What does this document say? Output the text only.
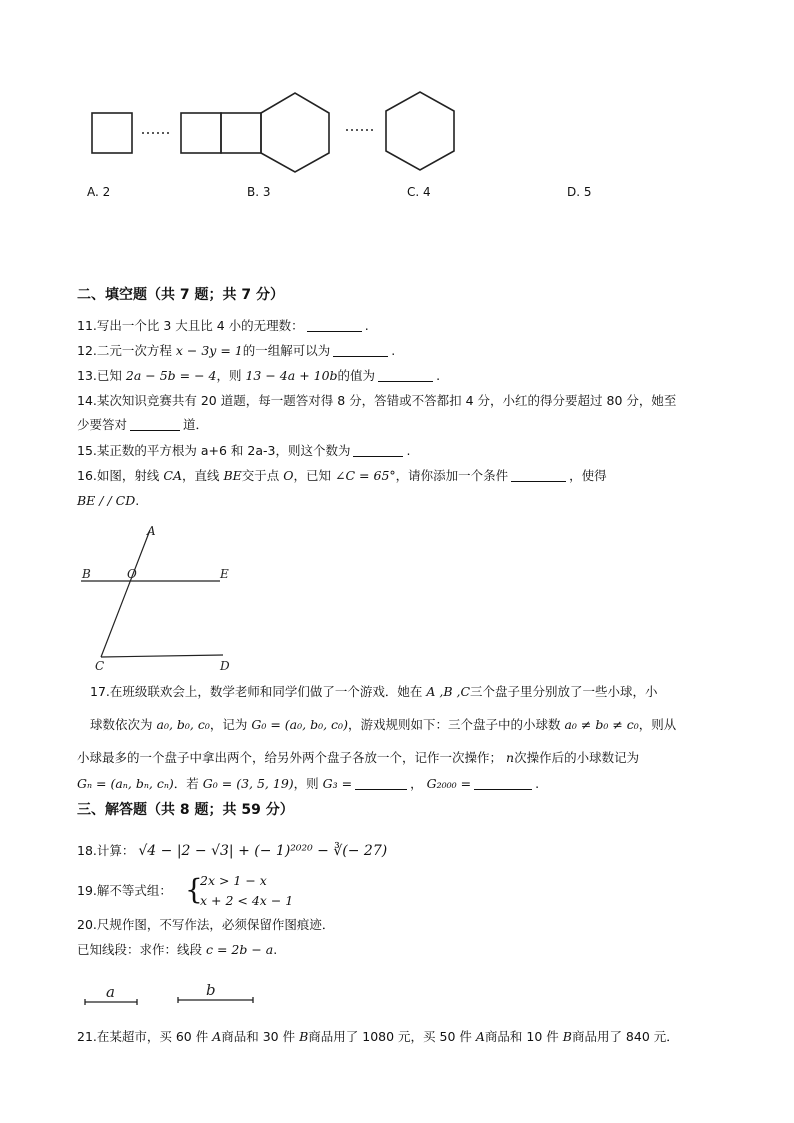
A. 2	B. 3	C. 4	D. 5
二、填空题（共 7 题；共 7 分）
11.写出一个比 3 大且比 4 小的无理数：	.
12.二元一次方程 x − 3y = 1的一组解可以为	.
13.已知 2a − 5b = − 4，则 13 − 4a + 10b的值为	.
14.某次知识竞赛共有 20 道题，每一题答对得 8 分，答错或不答都扣 4 分，小红的得分要超过 80 分，她至
少要答对	道．
15.某正数的平方根为 a+6 和 2a-3，则这个数为	.
16.如图，射线 CA，直线 BE交于点 O，已知 ∠C = 65°，请你添加一个条件	，使得
BE / / CD.
A
B	O	E
C	D
17.在班级联欢会上，数学老师和同学们做了一个游戏．她在 A ,B ,C三个盘子里分别放了一些小球，小
球数依次为 a₀, b₀, c₀，记为 G₀ = (a₀, b₀, c₀)，游戏规则如下：三个盘子中的小球数 a₀ ≠ b₀ ≠ c₀，则从
小球最多的一个盘子中拿出两个，给另外两个盘子各放一个，记作一次操作； n次操作后的小球数记为
Gₙ = (aₙ, bₙ, cₙ)．若 G₀ = (3, 5, 19)，则 G₃ =	， G₂₀₀₀ =	.
三、解答题（共 8 题；共 59 分）
18.计算： √4 − |2 − √3| + (− 1)²⁰²⁰ − ∛(− 27)
19.解不等式组： {
2x > 1 − x
x + 2 < 4x − 1
20.尺规作图，不写作法，必须保留作图痕迹．
已知线段：求作：线段 c = 2b − a.
a	b
21.在某超市，买 60 件 A商品和 30 件 B商品用了 1080 元，买 50 件 A商品和 10 件 B商品用了 840 元．
